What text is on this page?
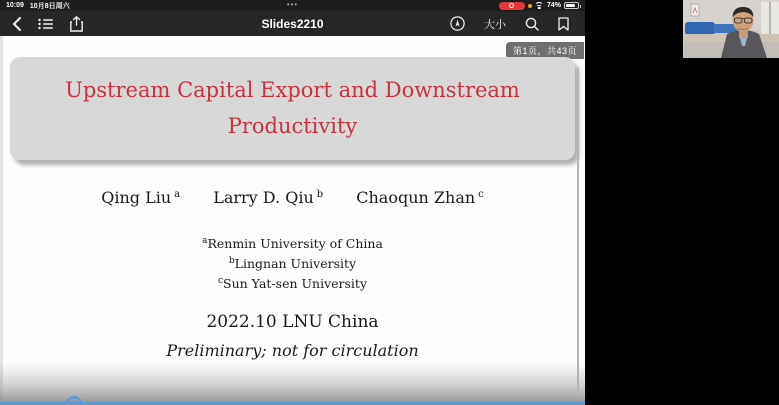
10:09 10月8日周六	74%
•••
Slides2210	大小
第1页，共43页
Upstream Capital Export and Downstream
Productivity
Qing Liu $^a$ Larry D. Qiu $^b$ Chaoqun Zhan $^c$
$^a$Renmin University of China
$^b$Lingnan University
$^c$Sun Yat-sen University
2022.10 LNU China
Preliminary; not for circulation
